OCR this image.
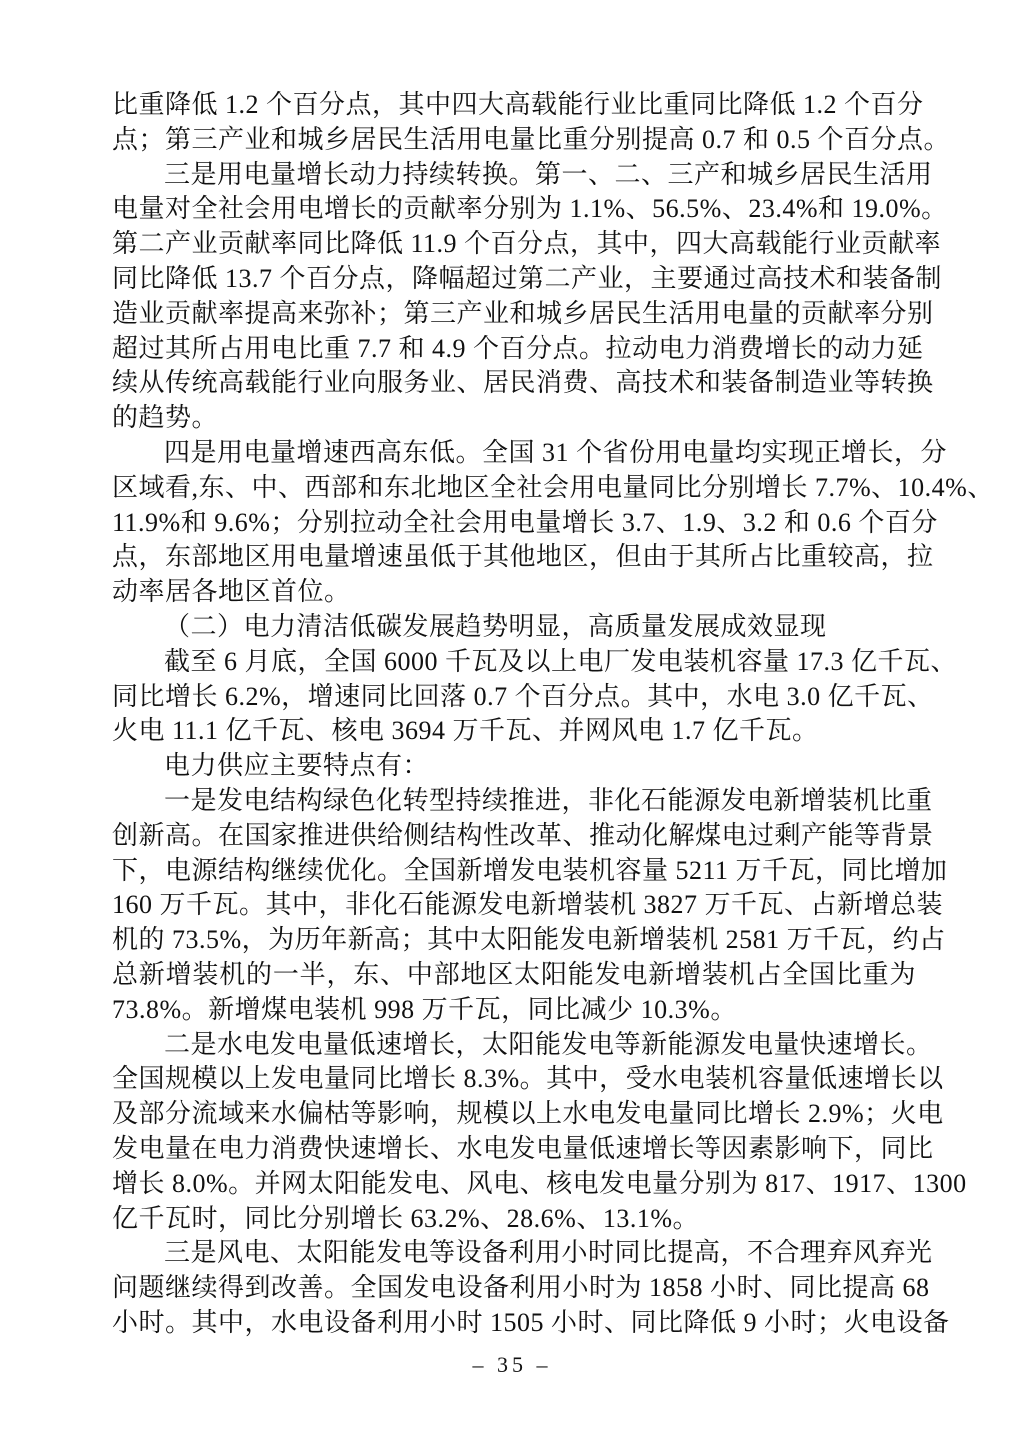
比重降低 1.2 个百分点，其中四大高载能行业比重同比降低 1.2 个百分
点；第三产业和城乡居民生活用电量比重分别提高 0.7 和 0.5 个百分点。
三是用电量增长动力持续转换。第一、二、三产和城乡居民生活用
电量对全社会用电增长的贡献率分别为 1.1%、56.5%、23.4%和 19.0%。
第二产业贡献率同比降低 11.9 个百分点，其中，四大高载能行业贡献率
同比降低 13.7 个百分点，降幅超过第二产业，主要通过高技术和装备制
造业贡献率提高来弥补；第三产业和城乡居民生活用电量的贡献率分别
超过其所占用电比重 7.7 和 4.9 个百分点。拉动电力消费增长的动力延
续从传统高载能行业向服务业、居民消费、高技术和装备制造业等转换
的趋势。
四是用电量增速西高东低。全国 31 个省份用电量均实现正增长，分
区域看,东、中、西部和东北地区全社会用电量同比分别增长 7.7%、10.4%、
11.9%和 9.6%；分别拉动全社会用电量增长 3.7、1.9、3.2 和 0.6 个百分
点，东部地区用电量增速虽低于其他地区，但由于其所占比重较高，拉
动率居各地区首位。
（二）电力清洁低碳发展趋势明显，高质量发展成效显现
截至 6 月底，全国 6000 千瓦及以上电厂发电装机容量 17.3 亿千瓦、
同比增长 6.2%，增速同比回落 0.7 个百分点。其中，水电 3.0 亿千瓦、
火电 11.1 亿千瓦、核电 3694 万千瓦、并网风电 1.7 亿千瓦。
电力供应主要特点有：
一是发电结构绿色化转型持续推进，非化石能源发电新增装机比重
创新高。在国家推进供给侧结构性改革、推动化解煤电过剩产能等背景
下，电源结构继续优化。全国新增发电装机容量 5211 万千瓦，同比增加
160 万千瓦。其中，非化石能源发电新增装机 3827 万千瓦、占新增总装
机的 73.5%，为历年新高；其中太阳能发电新增装机 2581 万千瓦，约占
总新增装机的一半，东、中部地区太阳能发电新增装机占全国比重为
73.8%。新增煤电装机 998 万千瓦，同比减少 10.3%。
二是水电发电量低速增长，太阳能发电等新能源发电量快速增长。
全国规模以上发电量同比增长 8.3%。其中，受水电装机容量低速增长以
及部分流域来水偏枯等影响，规模以上水电发电量同比增长 2.9%；火电
发电量在电力消费快速增长、水电发电量低速增长等因素影响下，同比
增长 8.0%。并网太阳能发电、风电、核电发电量分别为 817、1917、1300
亿千瓦时，同比分别增长 63.2%、28.6%、13.1%。
三是风电、太阳能发电等设备利用小时同比提高，不合理弃风弃光
问题继续得到改善。全国发电设备利用小时为 1858 小时、同比提高 68
小时。其中，水电设备利用小时 1505 小时、同比降低 9 小时；火电设备
– 35 –
